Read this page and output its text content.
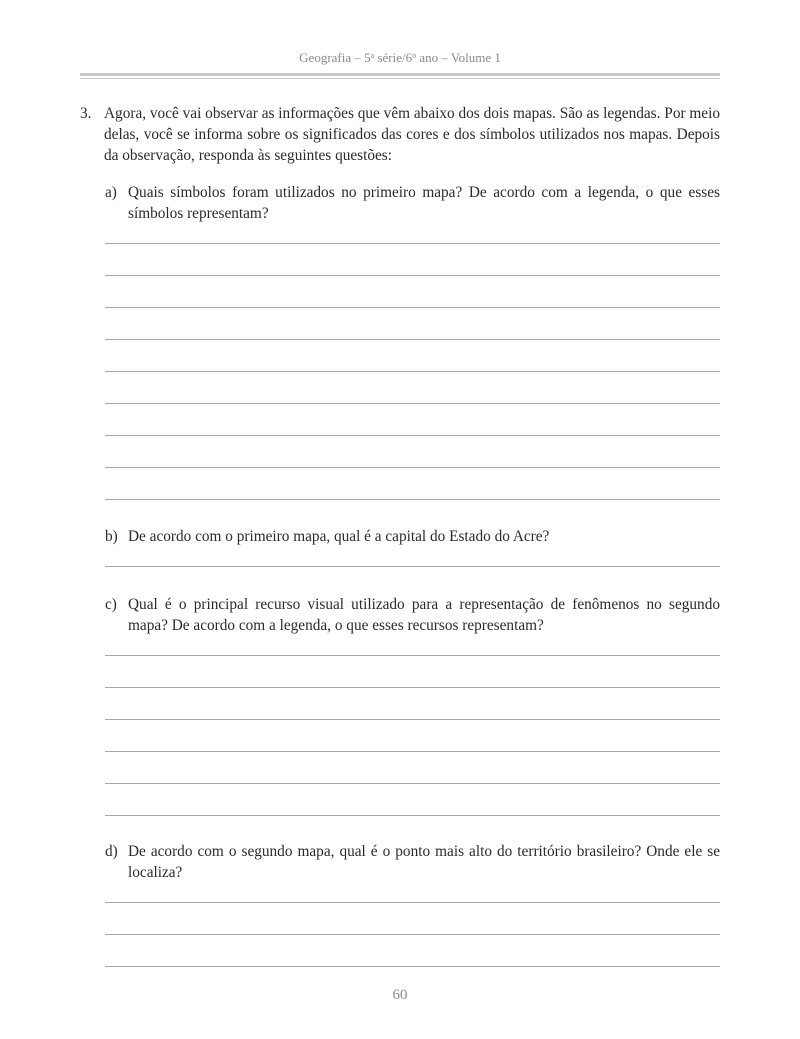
Geografia – 5$^a$ série/6$^o$ ano – Volume 1
3. Agora, você vai observar as informações que vêm abaixo dos dois mapas. São as legendas. Por meio delas, você se informa sobre os significados das cores e dos símbolos utilizados nos mapas. Depois da observação, responda às seguintes questões:
a) Quais símbolos foram utilizados no primeiro mapa? De acordo com a legenda, o que esses símbolos representam?
b) De acordo com o primeiro mapa, qual é a capital do Estado do Acre?
c) Qual é o principal recurso visual utilizado para a representação de fenômenos no segundo mapa? De acordo com a legenda, o que esses recursos representam?
d) De acordo com o segundo mapa, qual é o ponto mais alto do território brasileiro? Onde ele se localiza?
60
